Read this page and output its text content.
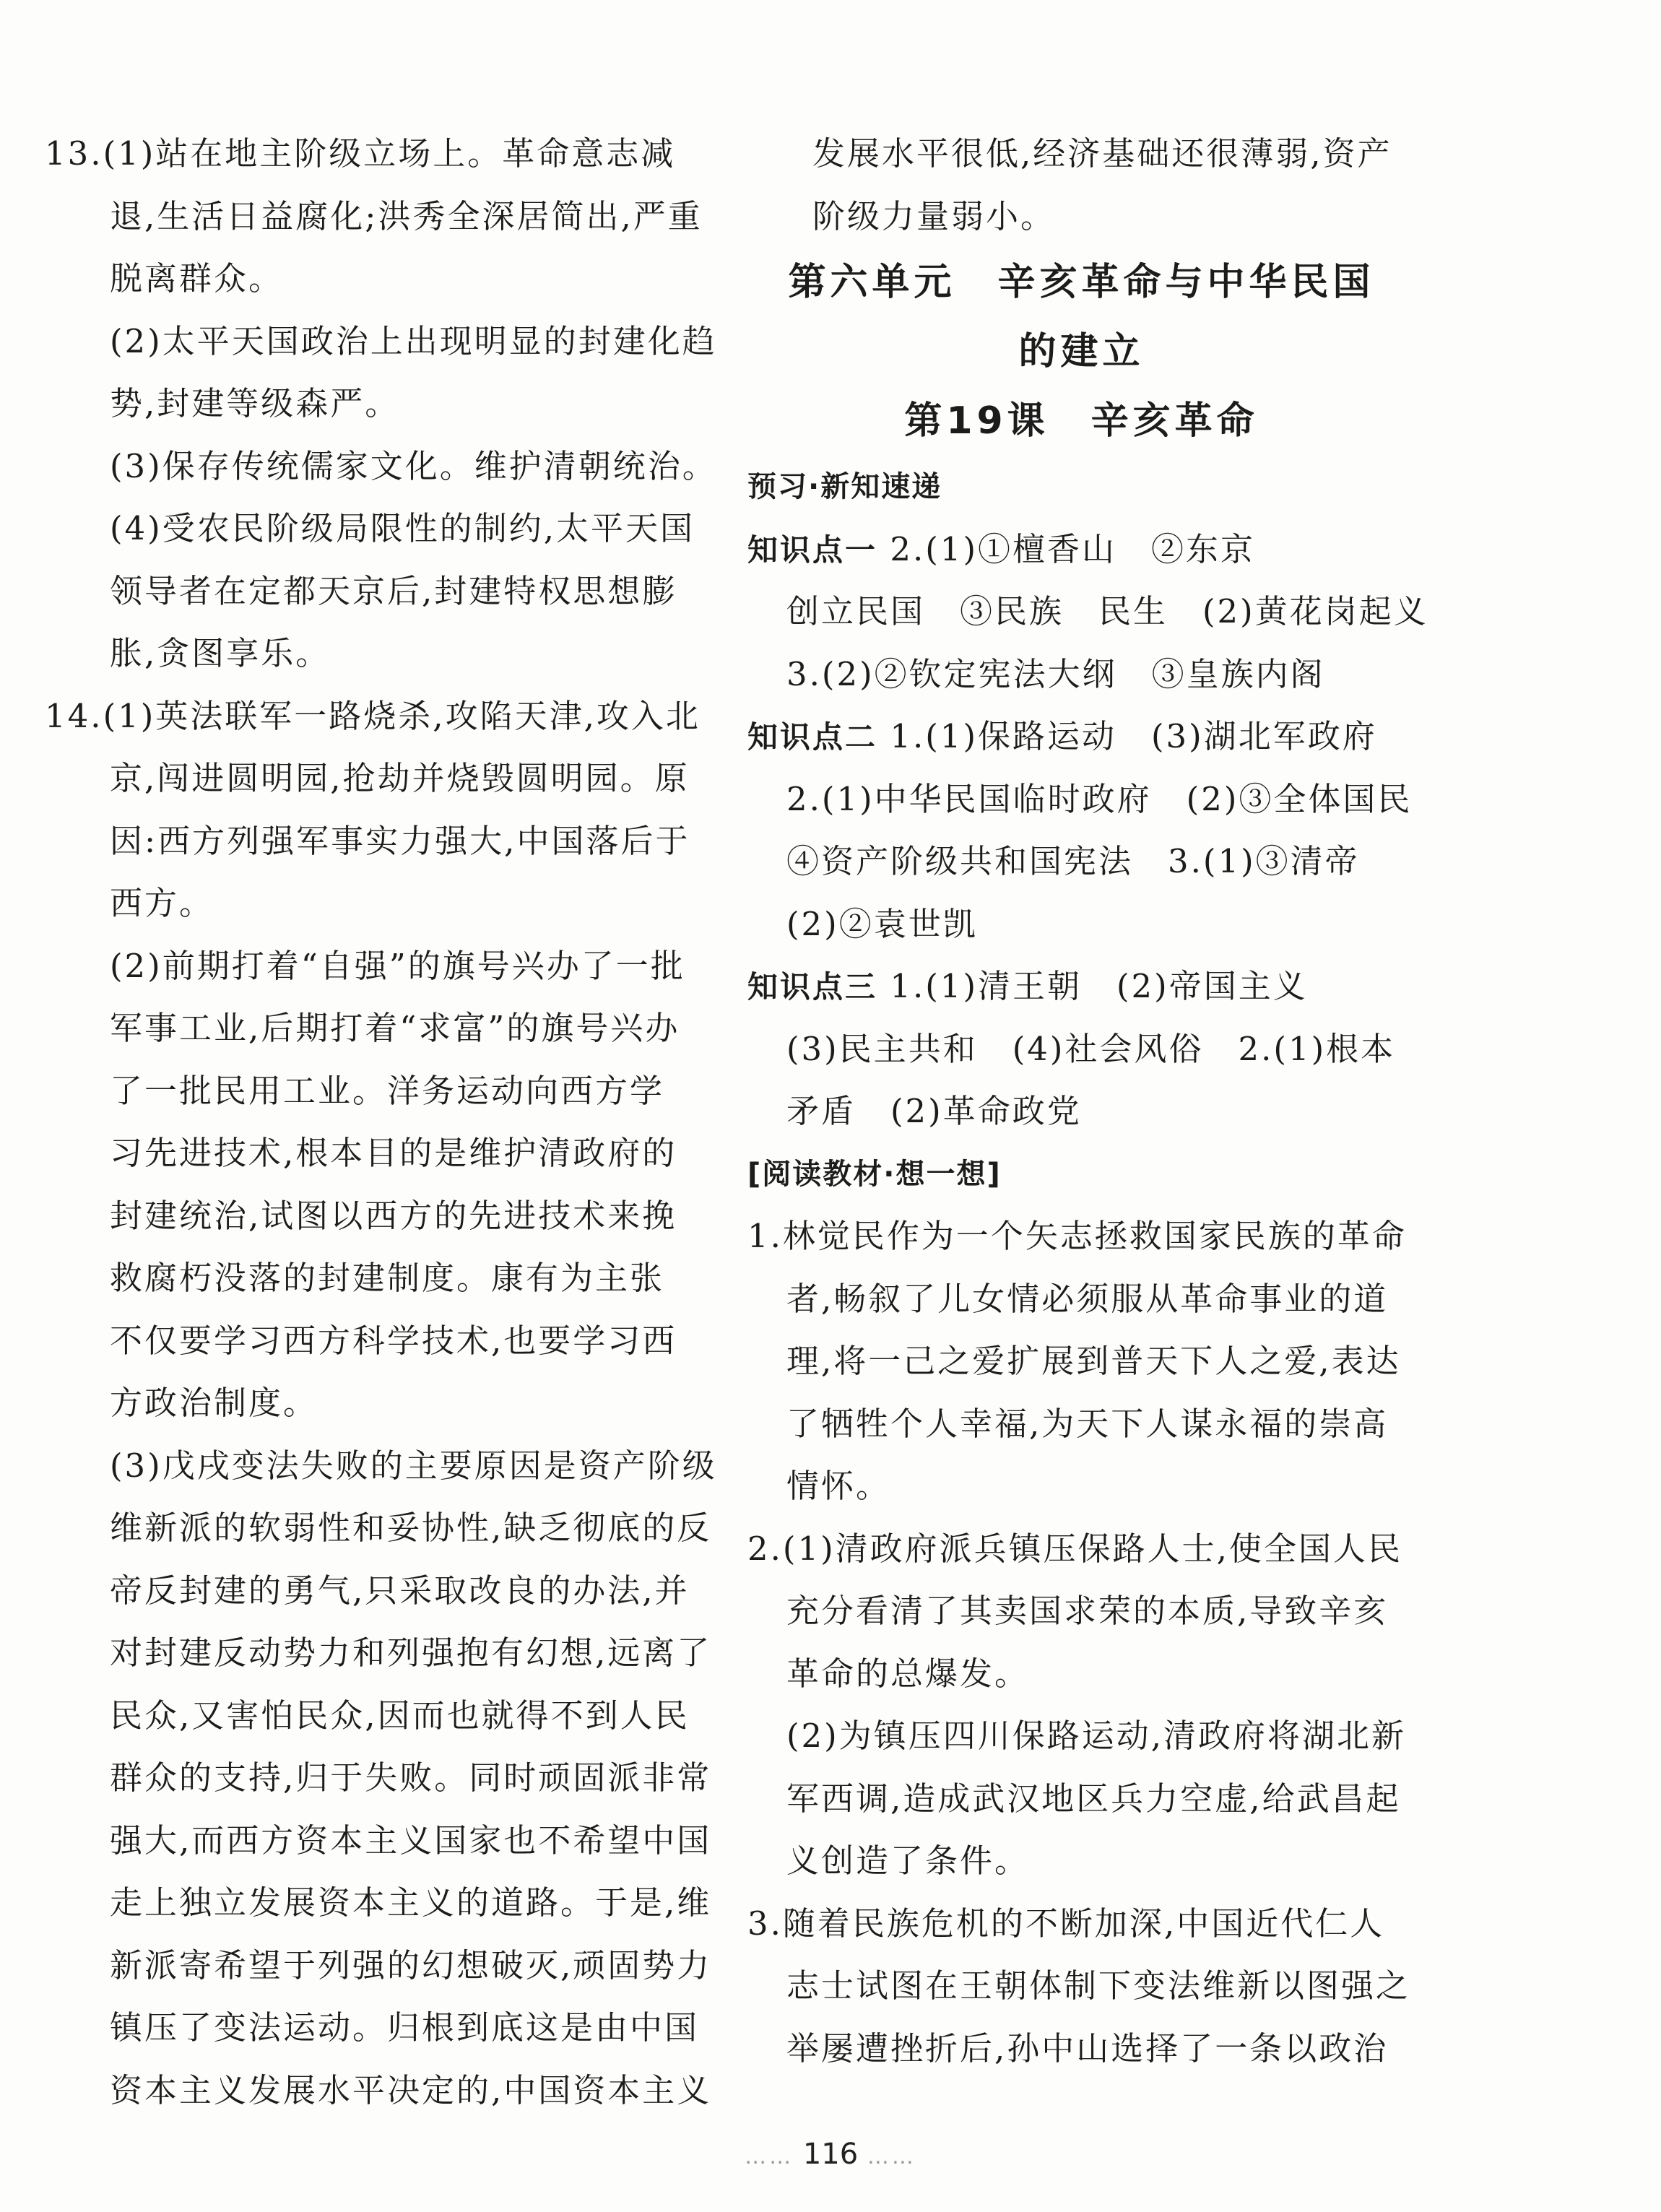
13.(1)站在地主阶级立场上。革命意志减
退,生活日益腐化;洪秀全深居简出,严重
脱离群众。
(2)太平天国政治上出现明显的封建化趋
势,封建等级森严。
(3)保存传统儒家文化。维护清朝统治。
(4)受农民阶级局限性的制约,太平天国
领导者在定都天京后,封建特权思想膨
胀,贪图享乐。
14.(1)英法联军一路烧杀,攻陷天津,攻入北
京,闯进圆明园,抢劫并烧毁圆明园。原
因:西方列强军事实力强大,中国落后于
西方。
(2)前期打着“自强”的旗号兴办了一批
军事工业,后期打着“求富”的旗号兴办
了一批民用工业。洋务运动向西方学
习先进技术,根本目的是维护清政府的
封建统治,试图以西方的先进技术来挽
救腐朽没落的封建制度。康有为主张
不仅要学习西方科学技术,也要学习西
方政治制度。
(3)戊戌变法失败的主要原因是资产阶级
维新派的软弱性和妥协性,缺乏彻底的反
帝反封建的勇气,只采取改良的办法,并
对封建反动势力和列强抱有幻想,远离了
民众,又害怕民众,因而也就得不到人民
群众的支持,归于失败。同时顽固派非常
强大,而西方资本主义国家也不希望中国
走上独立发展资本主义的道路。于是,维
新派寄希望于列强的幻想破灭,顽固势力
镇压了变法运动。归根到底这是由中国
资本主义发展水平决定的,中国资本主义
发展水平很低,经济基础还很薄弱,资产
阶级力量弱小。
第六单元　辛亥革命与中华民国
的建立
第19课　辛亥革命
预习·新知速递
知识点一 2.(1)①檀香山　②东京
创立民国　③民族　民生　(2)黄花岗起义
3.(2)②钦定宪法大纲　③皇族内阁
知识点二 1.(1)保路运动　(3)湖北军政府
2.(1)中华民国临时政府　(2)③全体国民
④资产阶级共和国宪法　3.(1)③清帝
(2)②袁世凯
知识点三 1.(1)清王朝　(2)帝国主义
(3)民主共和　(4)社会风俗　2.(1)根本
矛盾　(2)革命政党
[阅读教材·想一想]
1.林觉民作为一个矢志拯救国家民族的革命
者,畅叙了儿女情必须服从革命事业的道
理,将一己之爱扩展到普天下人之爱,表达
了牺牲个人幸福,为天下人谋永福的崇高
情怀。
2.(1)清政府派兵镇压保路人士,使全国人民
充分看清了其卖国求荣的本质,导致辛亥
革命的总爆发。
(2)为镇压四川保路运动,清政府将湖北新
军西调,造成武汉地区兵力空虚,给武昌起
义创造了条件。
3.随着民族危机的不断加深,中国近代仁人
志士试图在王朝体制下变法维新以图强之
举屡遭挫折后,孙中山选择了一条以政治
…… 116 ……
